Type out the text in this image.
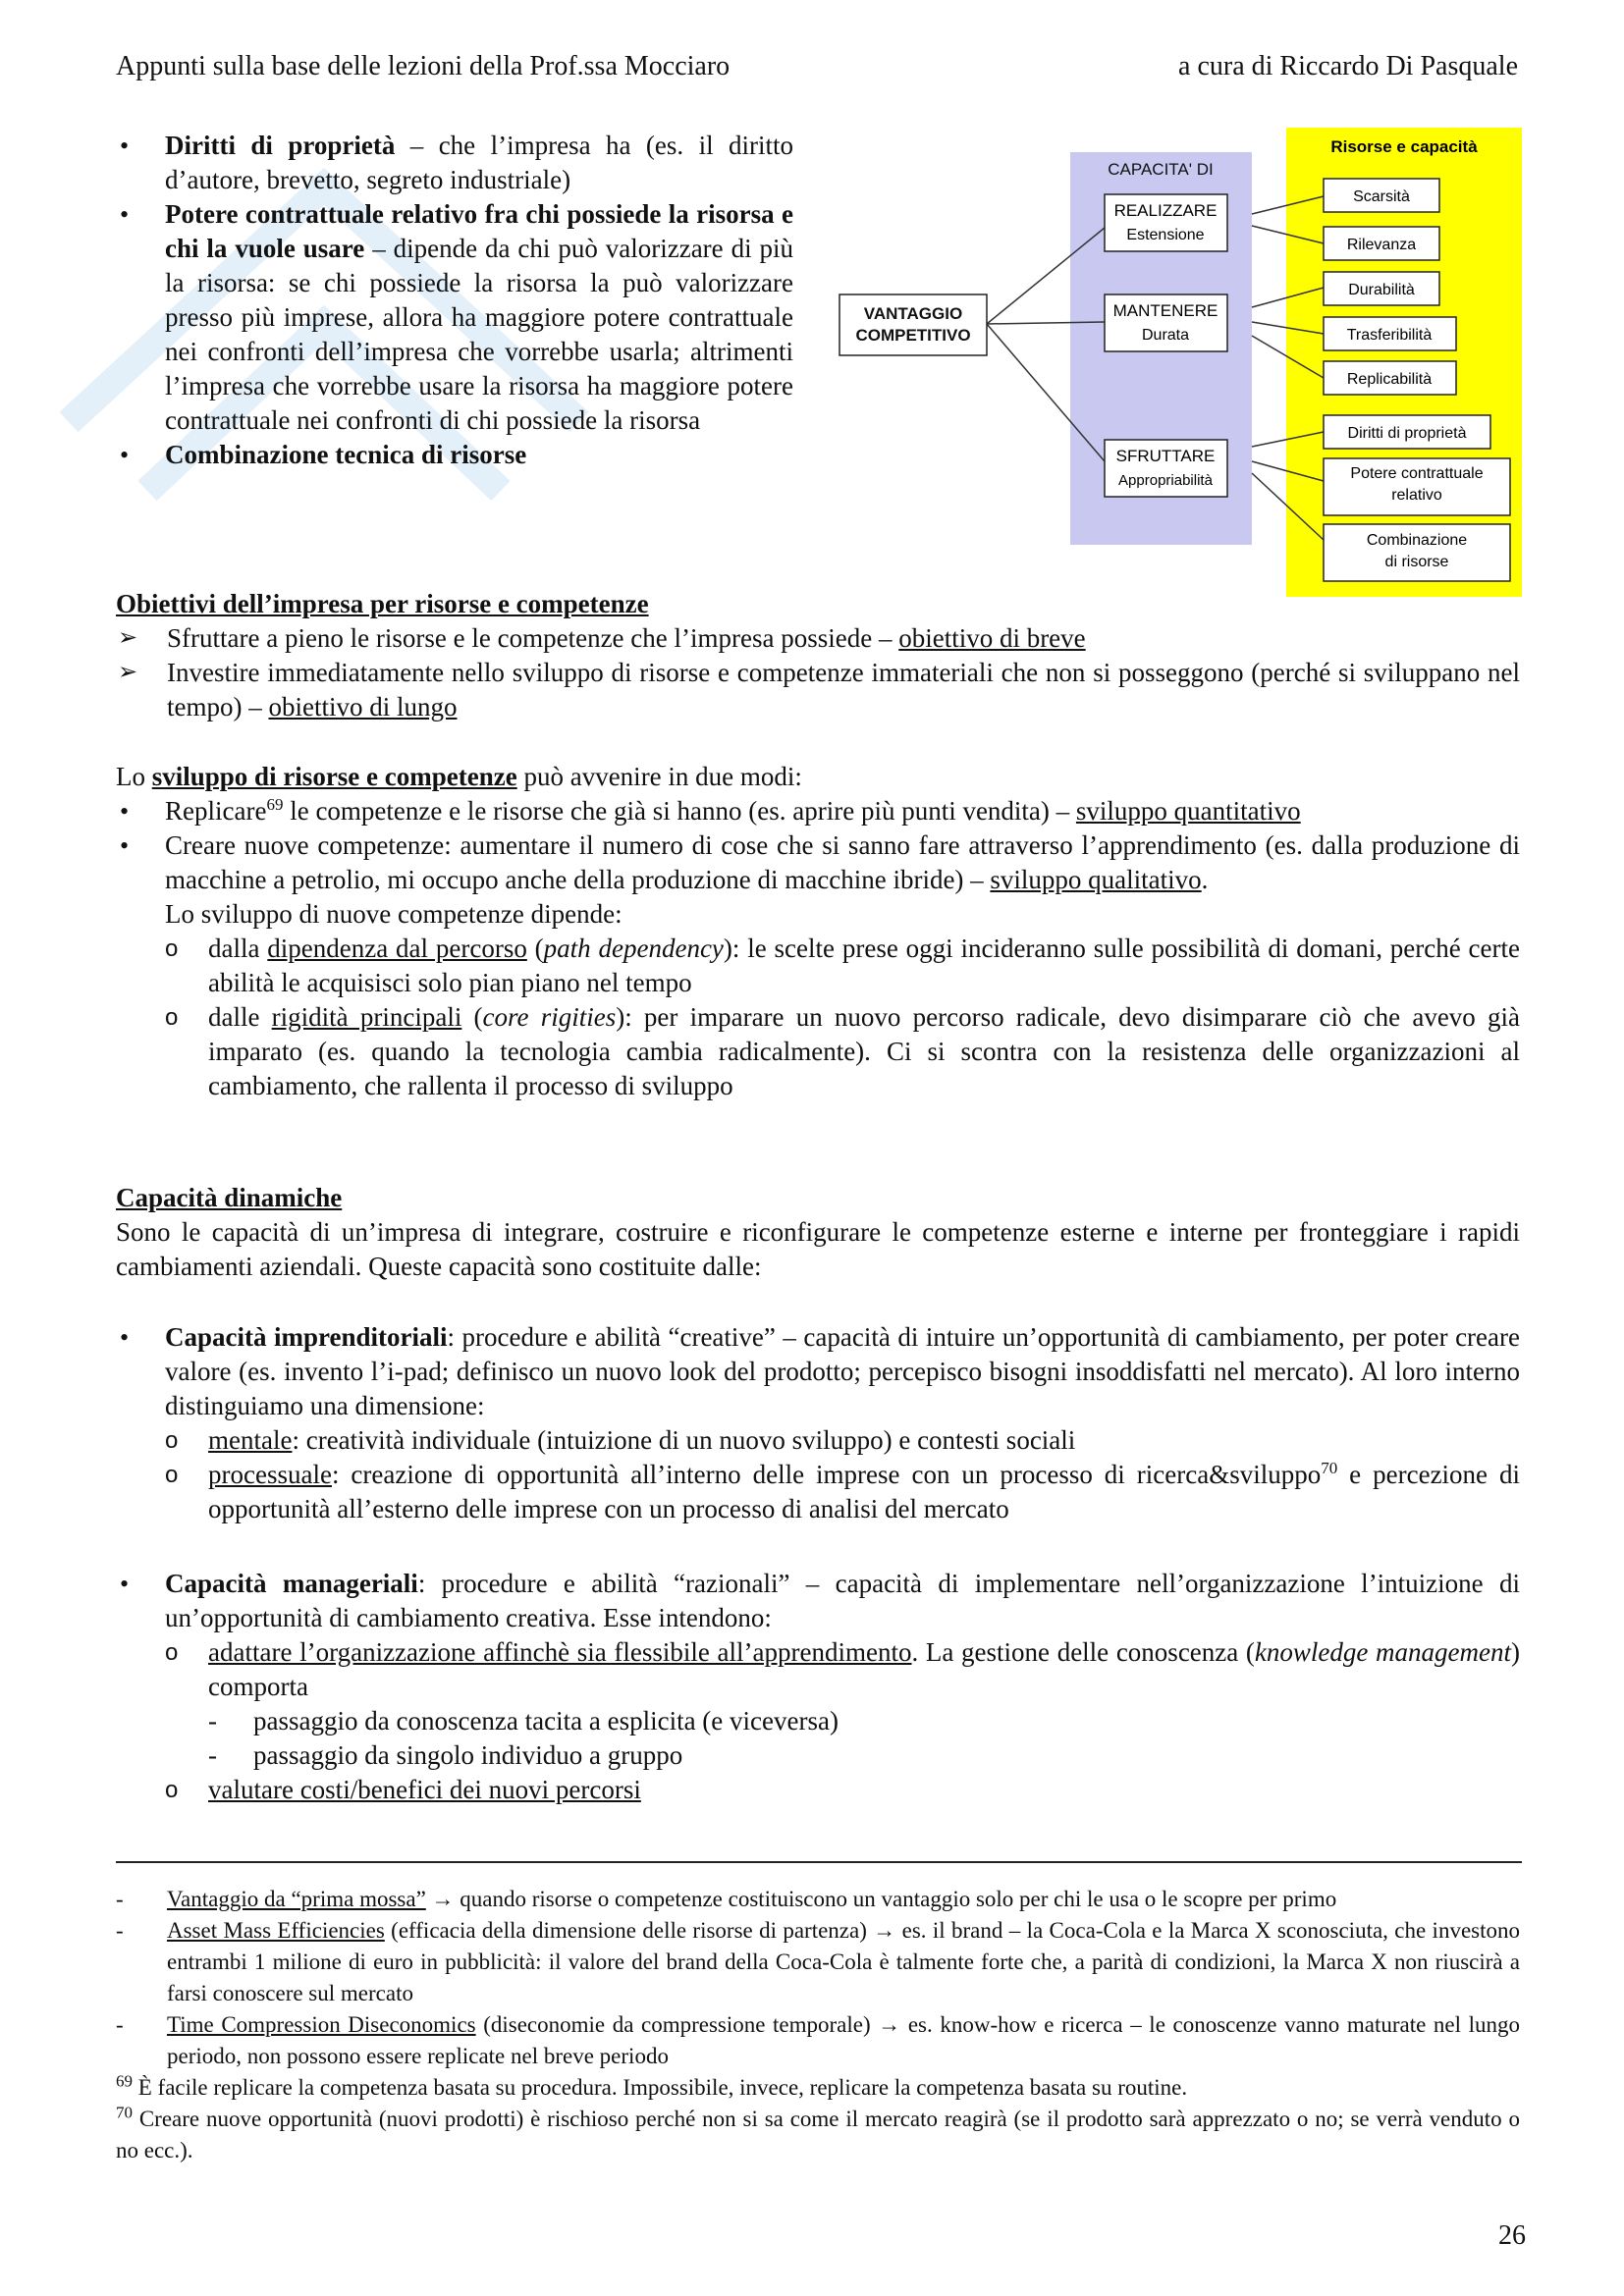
Appunti sulla base delle lezioni della Prof.ssa Mocciaro	a cura di Riccardo Di Pasquale
• Diritti di proprietà – che l’impresa ha (es. il diritto d’autore, brevetto, segreto industriale)
• Potere contrattuale relativo fra chi possiede la risorsa e chi la vuole usare – dipende da chi può valorizzare di più la risorsa: se chi possiede la risorsa la può valorizzare presso più imprese, allora ha maggiore potere contrattuale nei confronti dell’impresa che vorrebbe usarla; altrimenti l’impresa che vorrebbe usare la risorsa ha maggiore potere contrattuale nei confronti di chi possiede la risorsa
• Combinazione tecnica di risorse
VANTAGGIO COMPETITIVO
CAPACITA' DI
REALIZZARE
Estensione
MANTENERE
Durata
SFRUTTARE
Appropriabilità
Risorse e capacità
Scarsità
Rilevanza
Durabilità
Trasferibilità
Replicabilità
Diritti di proprietà
Potere contrattuale relativo
Combinazione di risorse
Obiettivi dell’impresa per risorse e competenze
➢ Sfruttare a pieno le risorse e le competenze che l’impresa possiede – obiettivo di breve
➢ Investire immediatamente nello sviluppo di risorse e competenze immateriali che non si posseggono (perché si sviluppano nel tempo) – obiettivo di lungo
Lo sviluppo di risorse e competenze può avvenire in due modi:
• Replicare$^{69}$ le competenze e le risorse che già si hanno (es. aprire più punti vendita) – sviluppo quantitativo
• Creare nuove competenze: aumentare il numero di cose che si sanno fare attraverso l’apprendimento (es. dalla produzione di macchine a petrolio, mi occupo anche della produzione di macchine ibride) – sviluppo qualitativo.
Lo sviluppo di nuove competenze dipende:
o dalla dipendenza dal percorso (path dependency): le scelte prese oggi incideranno sulle possibilità di domani, perché certe abilità le acquisisci solo pian piano nel tempo
o dalle rigidità principali (core rigities): per imparare un nuovo percorso radicale, devo disimparare ciò che avevo già imparato (es. quando la tecnologia cambia radicalmente). Ci si scontra con la resistenza delle organizzazioni al cambiamento, che rallenta il processo di sviluppo
Capacità dinamiche
Sono le capacità di un’impresa di integrare, costruire e riconfigurare le competenze esterne e interne per fronteggiare i rapidi cambiamenti aziendali. Queste capacità sono costituite dalle:
• Capacità imprenditoriali: procedure e abilità “creative” – capacità di intuire un’opportunità di cambiamento, per poter creare valore (es. invento l’i-pad; definisco un nuovo look del prodotto; percepisco bisogni insoddisfatti nel mercato). Al loro interno distinguiamo una dimensione:
o mentale: creatività individuale (intuizione di un nuovo sviluppo) e contesti sociali
o processuale: creazione di opportunità all’interno delle imprese con un processo di ricerca&sviluppo$^{70}$ e percezione di opportunità all’esterno delle imprese con un processo di analisi del mercato
• Capacità manageriali: procedure e abilità “razionali” – capacità di implementare nell’organizzazione l’intuizione di un’opportunità di cambiamento creativa. Esse intendono:
o adattare l’organizzazione affinchè sia flessibile all’apprendimento. La gestione delle conoscenza (knowledge management) comporta
- passaggio da conoscenza tacita a esplicita (e viceversa)
- passaggio da singolo individuo a gruppo
o valutare costi/benefici dei nuovi percorsi
- Vantaggio da “prima mossa” → quando risorse o competenze costituiscono un vantaggio solo per chi le usa o le scopre per primo
- Asset Mass Efficiencies (efficacia della dimensione delle risorse di partenza) → es. il brand – la Coca-Cola e la Marca X sconosciuta, che investono entrambi 1 milione di euro in pubblicità: il valore del brand della Coca-Cola è talmente forte che, a parità di condizioni, la Marca X non riuscirà a farsi conoscere sul mercato
- Time Compression Diseconomics (diseconomie da compressione temporale) → es. know-how e ricerca – le conoscenze vanno maturate nel lungo periodo, non possono essere replicate nel breve periodo
$^{69}$ È facile replicare la competenza basata su procedura. Impossibile, invece, replicare la competenza basata su routine.
$^{70}$ Creare nuove opportunità (nuovi prodotti) è rischioso perché non si sa come il mercato reagirà (se il prodotto sarà apprezzato o no; se verrà venduto o no ecc.).
26
